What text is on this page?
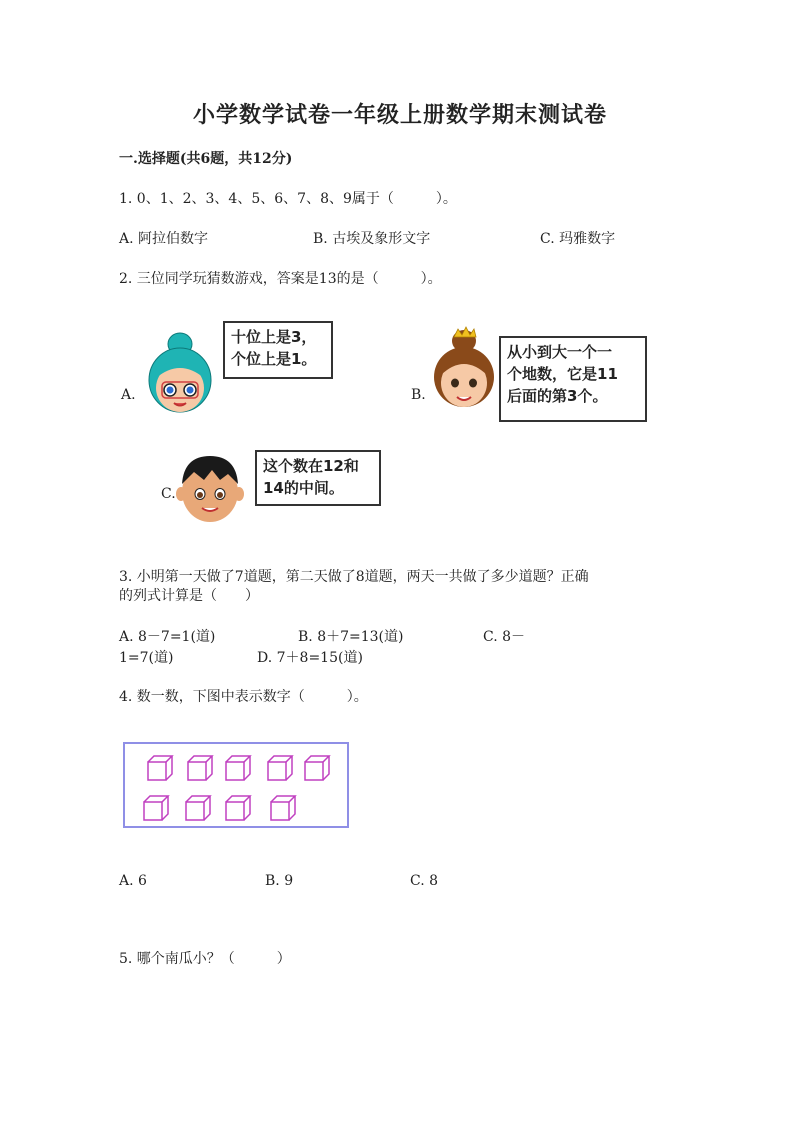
小学数学试卷一年级上册数学期末测试卷
一.选择题(共6题，共12分)
1. 0、1、2、3、4、5、6、7、8、9属于（　　　）。
A. 阿拉伯数字	B. 古埃及象形文字	C. 玛雅数字
2. 三位同学玩猜数游戏，答案是13的是（　　　）。
A.
十位上是3，
个位上是1。
B.
从小到大一个一
个地数，它是11
后面的第3个。
C.
这个数在12和
14的中间。
3. 小明第一天做了7道题，第二天做了8道题，两天一共做了多少道题？正确
的列式计算是（　　）
A. 8－7=1(道)	B. 8＋7=13(道)	C. 8－
1=7(道)	D. 7＋8=15(道)
4. 数一数，下图中表示数字（　　　）。
A. 6	B. 9	C. 8
5. 哪个南瓜小？（　　　）
